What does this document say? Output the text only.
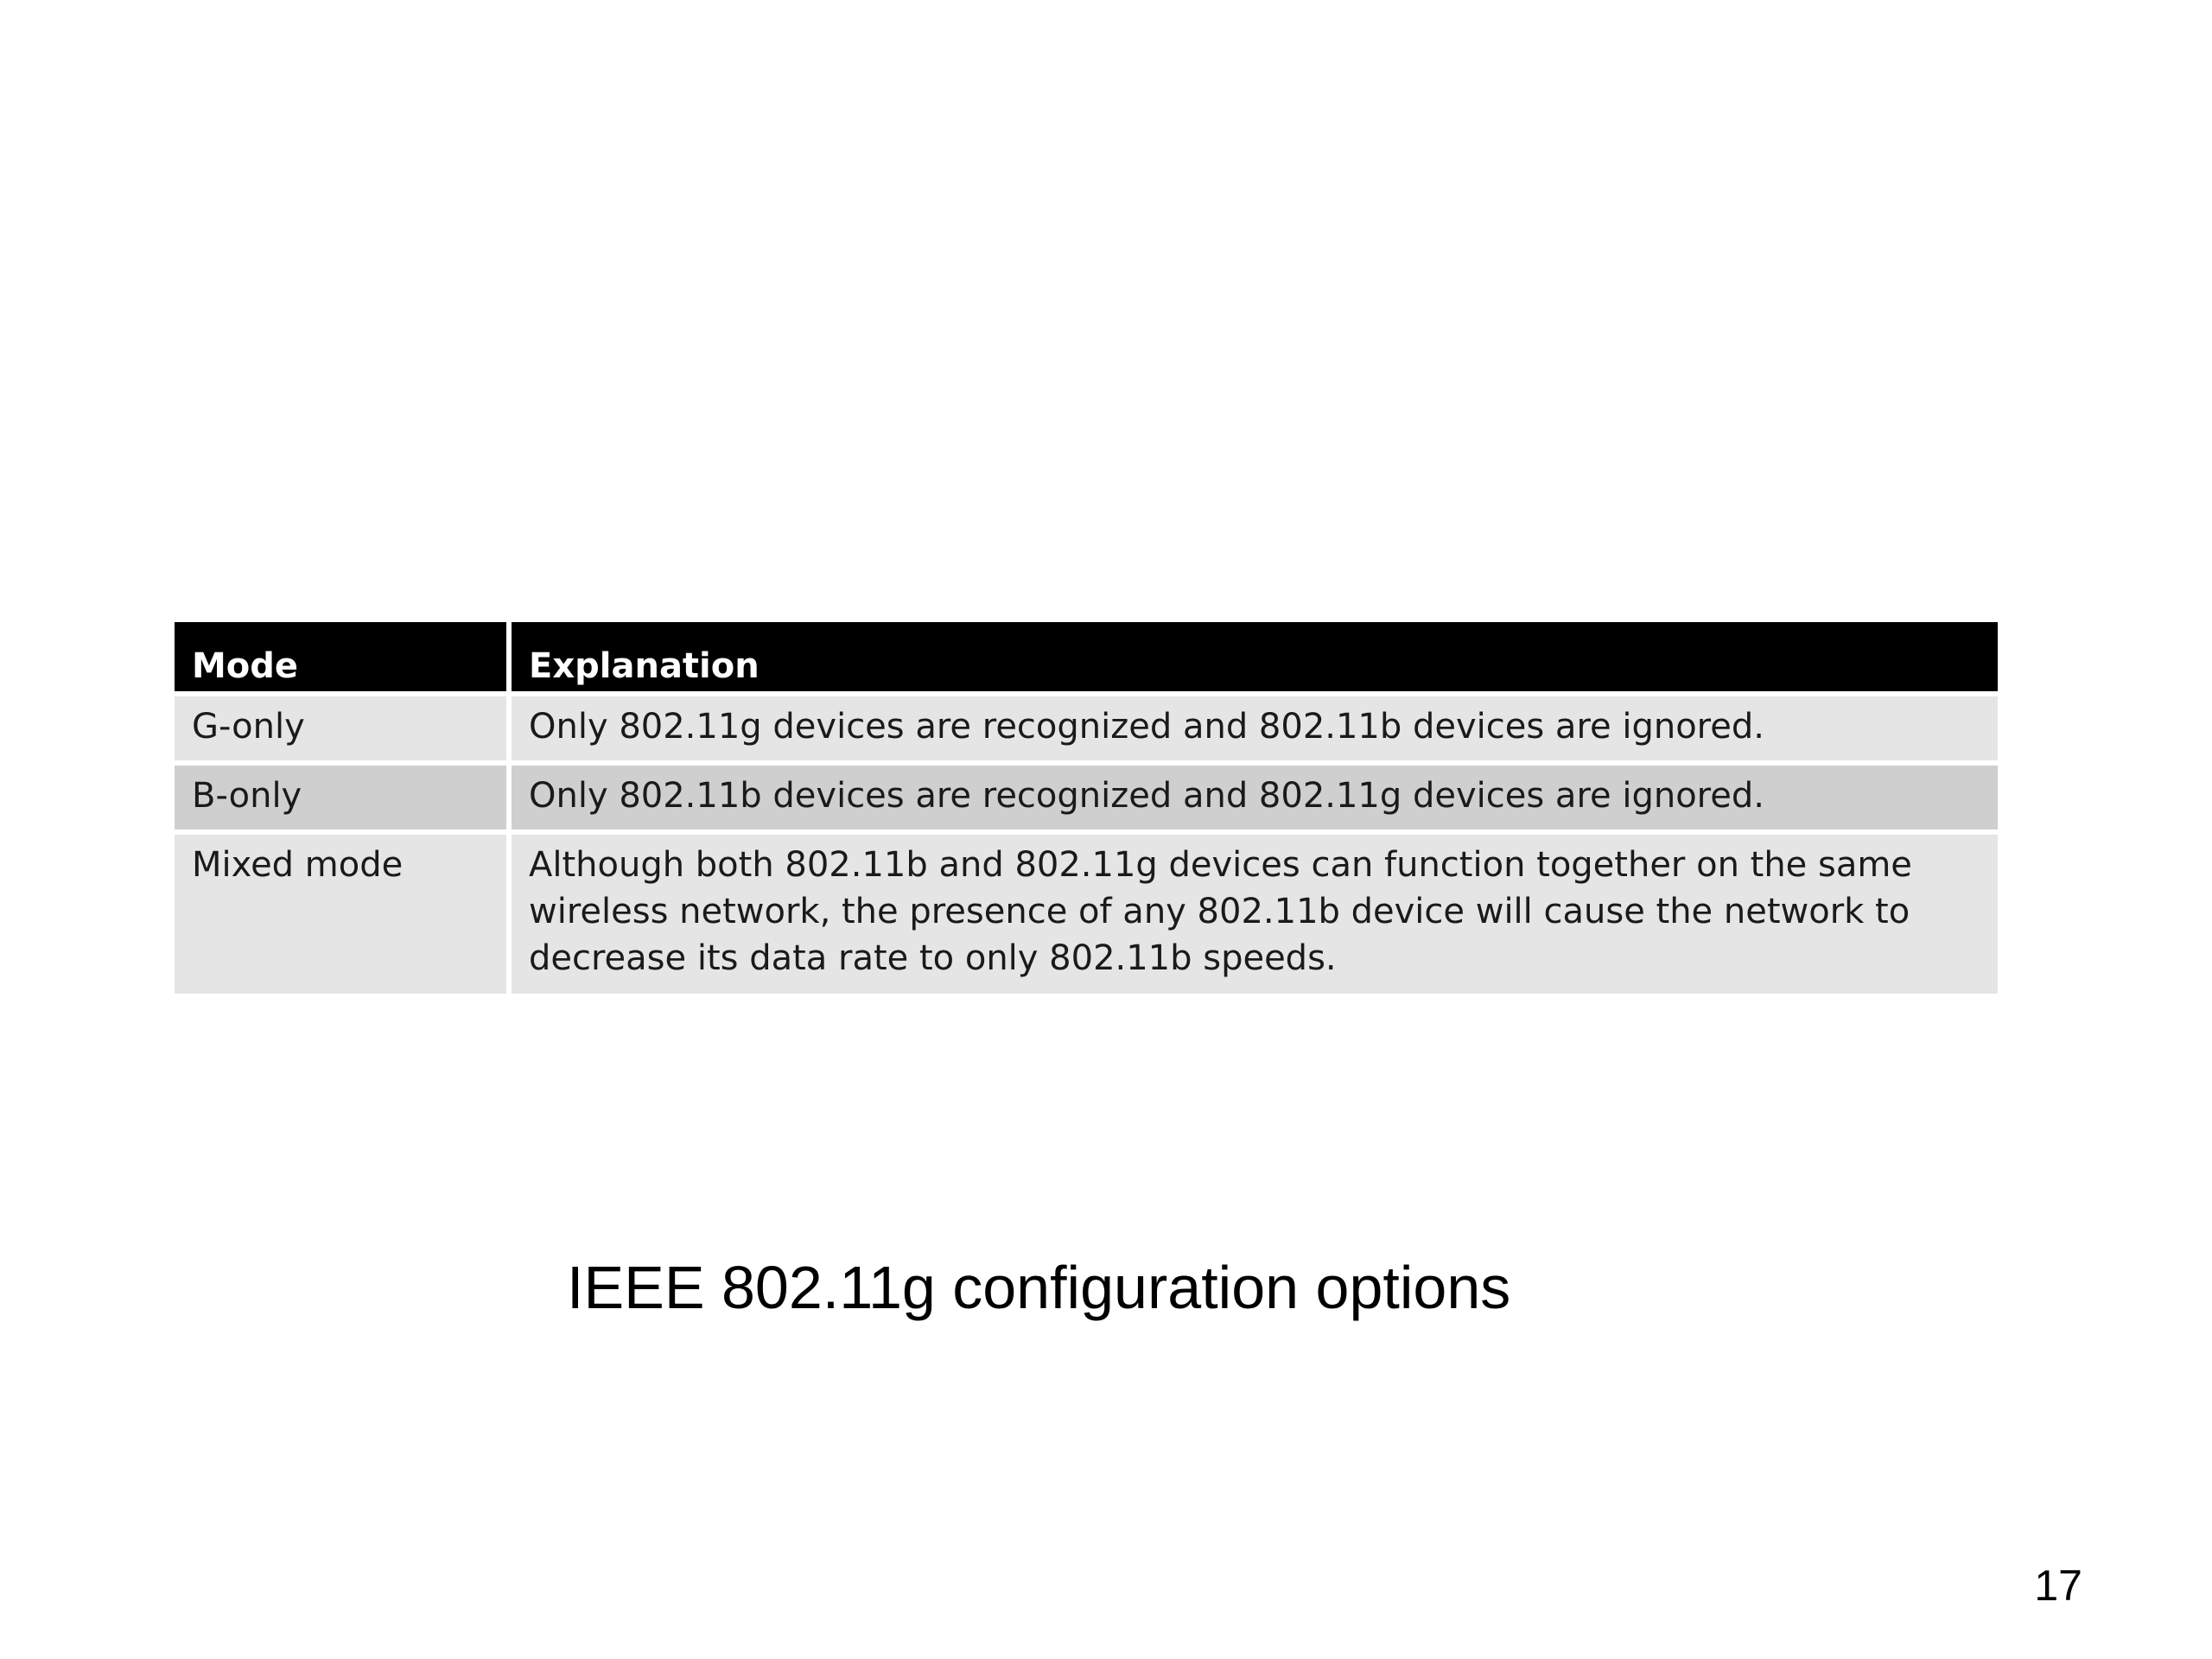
Mode	Explanation
G-only	Only 802.11g devices are recognized and 802.11b devices are ignored.
B-only	Only 802.11b devices are recognized and 802.11g devices are ignored.
Mixed mode	Although both 802.11b and 802.11g devices can function together on the same wireless network, the presence of any 802.11b device will cause the network to decrease its data rate to only 802.11b speeds.
IEEE 802.11g configuration options
17
